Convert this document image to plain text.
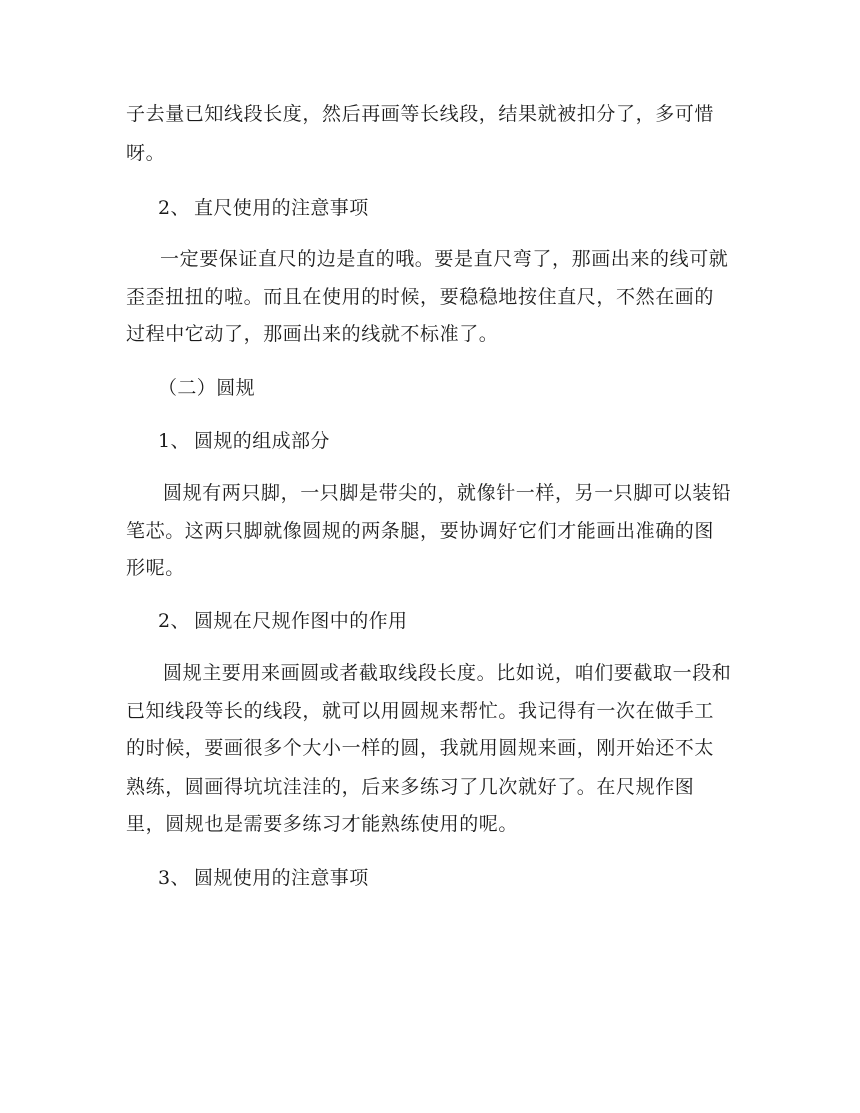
子去量已知线段长度，然后再画等长线段，结果就被扣分了，多可惜
呀。
2、 直尺使用的注意事项
一定要保证直尺的边是直的哦。要是直尺弯了，那画出来的线可就
歪歪扭扭的啦。而且在使用的时候，要稳稳地按住直尺，不然在画的
过程中它动了，那画出来的线就不标准了。
（二）圆规
1、 圆规的组成部分
圆规有两只脚，一只脚是带尖的，就像针一样，另一只脚可以装铅
笔芯。这两只脚就像圆规的两条腿，要协调好它们才能画出准确的图
形呢。
2、 圆规在尺规作图中的作用
圆规主要用来画圆或者截取线段长度。比如说，咱们要截取一段和
已知线段等长的线段，就可以用圆规来帮忙。我记得有一次在做手工
的时候，要画很多个大小一样的圆，我就用圆规来画，刚开始还不太
熟练，圆画得坑坑洼洼的，后来多练习了几次就好了。在尺规作图
里，圆规也是需要多练习才能熟练使用的呢。
3、 圆规使用的注意事项
